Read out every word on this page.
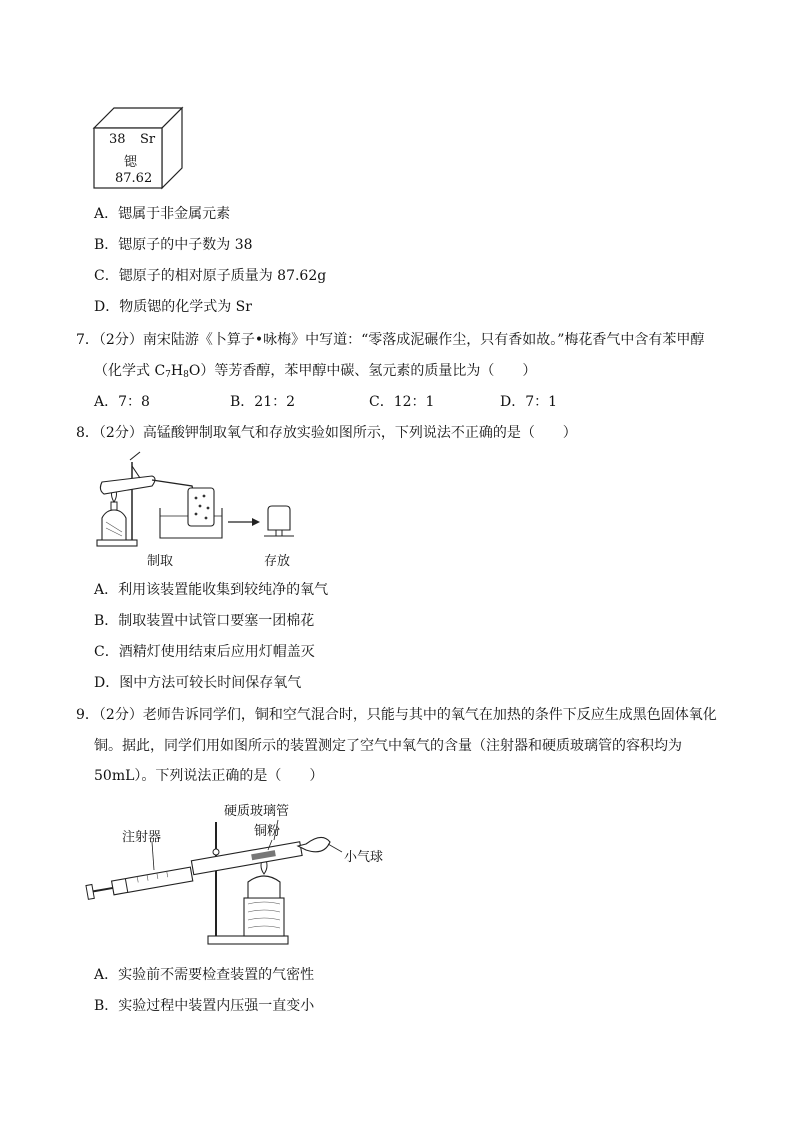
38 Sr
锶
87.62
A．锶属于非金属元素
B．锶原子的中子数为 38
C．锶原子的相对原子质量为 87.62g
D．物质锶的化学式为 Sr
7．（2分）南宋陆游《卜算子•咏梅》中写道：“零落成泥碾作尘，只有香如故。”梅花香气中含有苯甲醇
（化学式 $C_7H_8O$）等芳香醇，苯甲醇中碳、氢元素的质量比为（　　）
A．7：8	B．21：2	C．12：1	D．7：1
8．（2分）高锰酸钾制取氧气和存放实验如图所示，下列说法不正确的是（　　）
制取	存放
A．利用该装置能收集到较纯净的氧气
B．制取装置中试管口要塞一团棉花
C．酒精灯使用结束后应用灯帽盖灭
D．图中方法可较长时间保存氧气
9．（2分）老师告诉同学们，铜和空气混合时，只能与其中的氧气在加热的条件下反应生成黑色固体氧化
铜。据此，同学们用如图所示的装置测定了空气中氧气的含量（注射器和硬质玻璃管的容积均为
50mL）。下列说法正确的是（　　）
硬质玻璃管
铜粉
注射器
小气球
A．实验前不需要检查装置的气密性
B．实验过程中装置内压强一直变小
